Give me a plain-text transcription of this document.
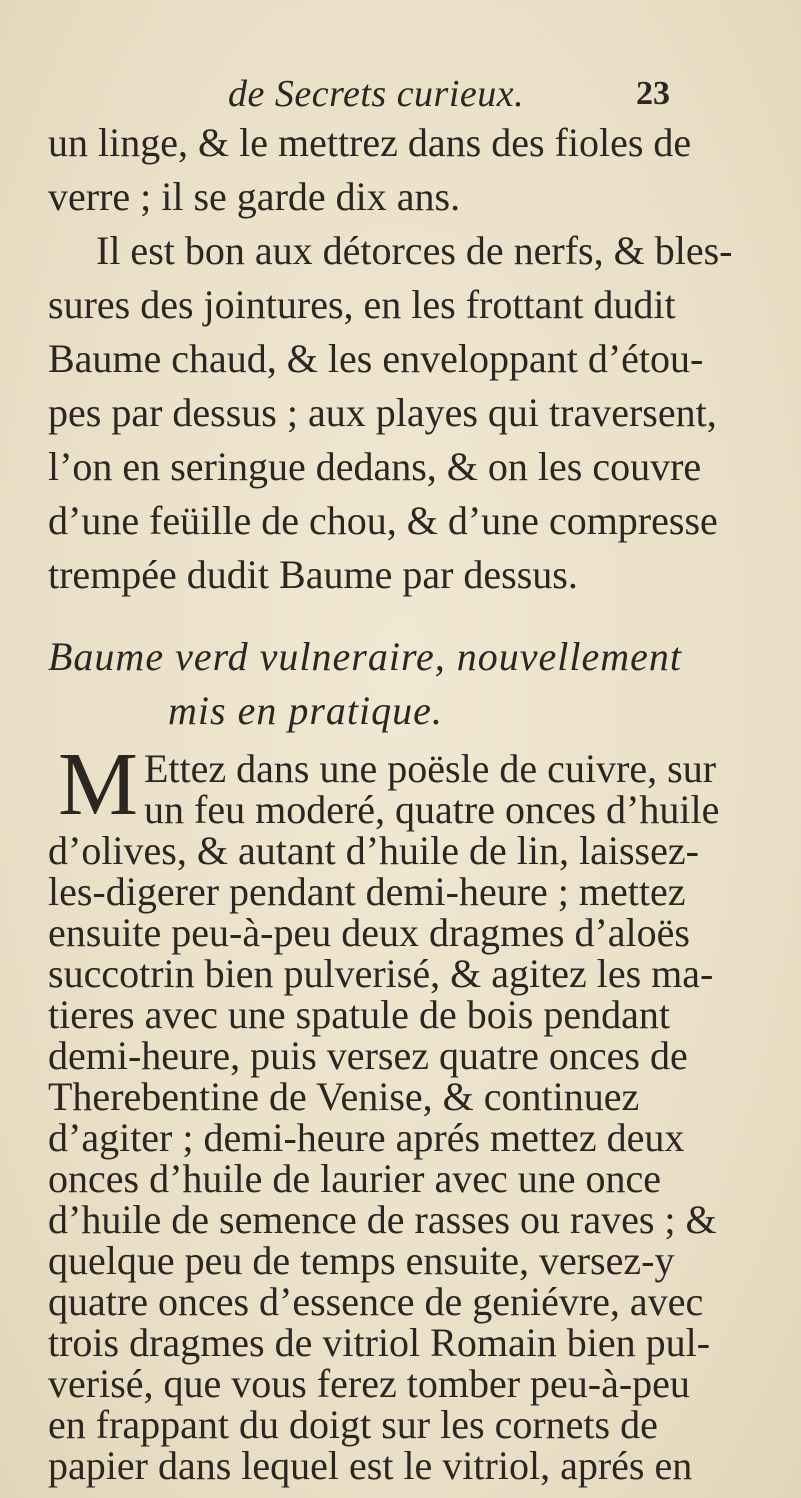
de Secrets curieux.	23
un linge, & le mettrez dans des fioles de
verre ; il se garde dix ans.
Il est bon aux détorces de nerfs, & bles-
sures des jointures, en les frottant dudit
Baume chaud, & les enveloppant d’étou-
pes par dessus ; aux playes qui traversent,
l’on en seringue dedans, & on les couvre
d’une feüille de chou, & d’une compresse
trempée dudit Baume par dessus.
Baume verd vulneraire, nouvellement
mis en pratique.
M Ettez dans une poësle de cuivre, sur
un feu moderé, quatre onces d’huile
d’olives, & autant d’huile de lin, laissez-
les-digerer pendant demi-heure ; mettez
ensuite peu-à-peu deux dragmes d’aloës
succotrin bien pulverisé, & agitez les ma-
tieres avec une spatule de bois pendant
demi-heure, puis versez quatre onces de
Therebentine de Venise, & continuez
d’agiter ; demi-heure aprés mettez deux
onces d’huile de laurier avec une once
d’huile de semence de rasses ou raves ; &
quelque peu de temps ensuite, versez-y
quatre onces d’essence de geniévre, avec
trois dragmes de vitriol Romain bien pul-
verisé, que vous ferez tomber peu-à-peu
en frappant du doigt sur les cornets de
papier dans lequel est le vitriol, aprés en
